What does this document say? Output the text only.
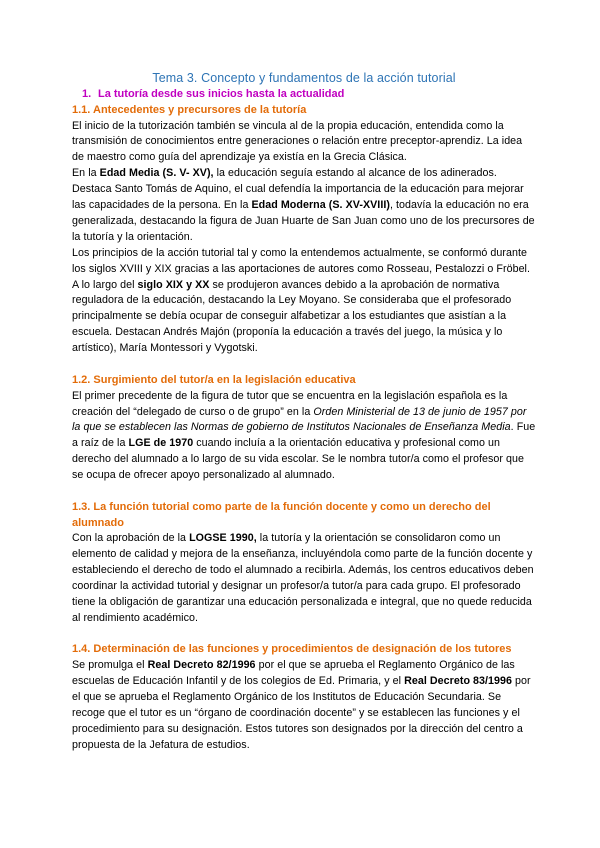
Tema 3. Concepto y fundamentos de la acción tutorial
1. La tutoría desde sus inicios hasta la actualidad
1.1. Antecedentes y precursores de la tutoría

El inicio de la tutorización también se vincula al de la propia educación, entendida como la transmisión de conocimientos entre generaciones o relación entre preceptor-aprendiz. La idea de maestro como guía del aprendizaje ya existía en la Grecia Clásica.

En la Edad Media (S. V- XV), la educación seguía estando al alcance de los adinerados. Destaca Santo Tomás de Aquino, el cual defendía la importancia de la educación para mejorar las capacidades de la persona. En la Edad Moderna (S. XV-XVIII), todavía la educación no era generalizada, destacando la figura de Juan Huarte de San Juan como uno de los precursores de la tutoría y la orientación.

Los principios de la acción tutorial tal y como la entendemos actualmente, se conformó durante los siglos XVIII y XIX gracias a las aportaciones de autores como Rosseau, Pestalozzi o Fröbel.

A lo largo del siglo XIX y XX se produjeron avances debido a la aprobación de normativa reguladora de la educación, destacando la Ley Moyano. Se consideraba que el profesorado principalmente se debía ocupar de conseguir alfabetizar a los estudiantes que asistían a la escuela. Destacan Andrés Majón (proponía la educación a través del juego, la música y lo artístico), María Montessori y Vygotski.

1.2. Surgimiento del tutor/a en la legislación educativa

El primer precedente de la figura de tutor que se encuentra en la legislación española es la creación del “delegado de curso o de grupo” en la Orden Ministerial de 13 de junio de 1957 por la que se establecen las Normas de gobierno de Institutos Nacionales de Enseñanza Media. Fue a raíz de la LGE de 1970 cuando incluía a la orientación educativa y profesional como un derecho del alumnado a lo largo de su vida escolar. Se le nombra tutor/a como el profesor que se ocupa de ofrecer apoyo personalizado al alumnado.

1.3. La función tutorial como parte de la función docente y como un derecho del alumnado

Con la aprobación de la LOGSE 1990, la tutoría y la orientación se consolidaron como un elemento de calidad y mejora de la enseñanza, incluyéndola como parte de la función docente y estableciendo el derecho de todo el alumnado a recibirla. Además, los centros educativos deben coordinar la actividad tutorial y designar un profesor/a tutor/a para cada grupo. El profesorado tiene la obligación de garantizar una educación personalizada e integral, que no quede reducida al rendimiento académico.

1.4. Determinación de las funciones y procedimientos de designación de los tutores

Se promulga el Real Decreto 82/1996 por el que se aprueba el Reglamento Orgánico de las escuelas de Educación Infantil y de los colegios de Ed. Primaria, y el Real Decreto 83/1996 por el que se aprueba el Reglamento Orgánico de los Institutos de Educación Secundaria. Se recoge que el tutor es un “órgano de coordinación docente” y se establecen las funciones y el procedimiento para su designación. Estos tutores son designados por la dirección del centro a propuesta de la Jefatura de estudios.
